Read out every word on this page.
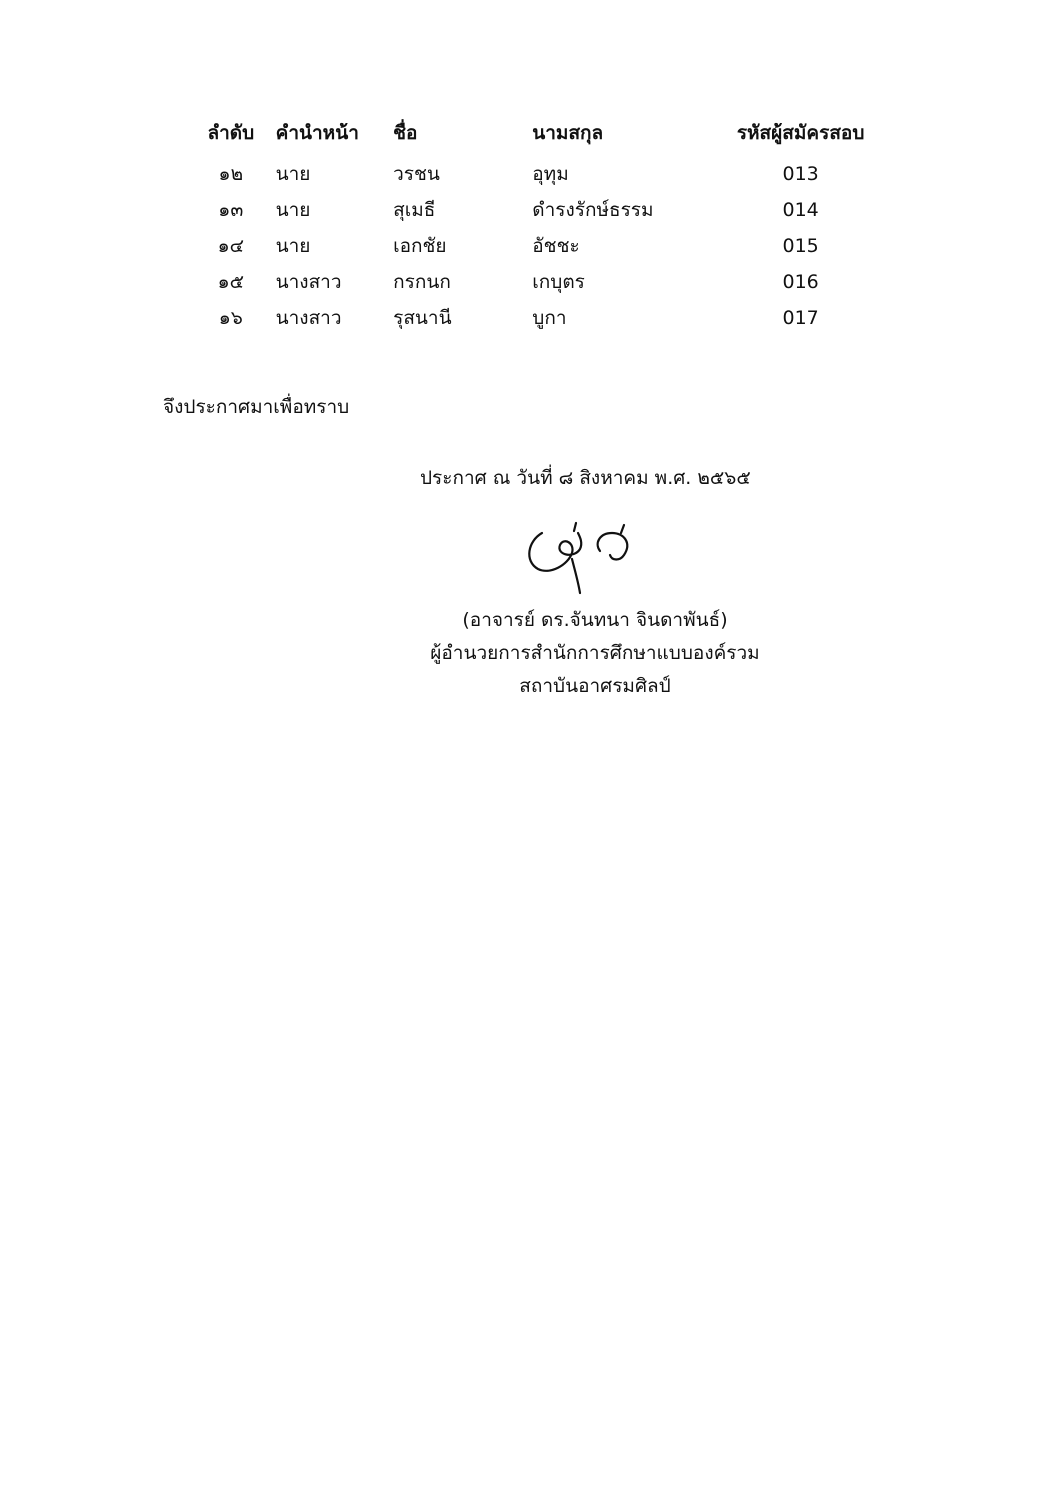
ลำดับ	คำนำหน้า	ชื่อ	นามสกุล	รหัสผู้สมัครสอบ
๑๒	นาย	วรชน	อุทุม	013
๑๓	นาย	สุเมธี	ดำรงรักษ์ธรรม	014
๑๔	นาย	เอกชัย	อัชชะ	015
๑๕	นางสาว	กรกนก	เกบุตร	016
๑๖	นางสาว	รุสนานี	บูกา	017
จึงประกาศมาเพื่อทราบ
ประกาศ ณ วันที่ ๘ สิงหาคม พ.ศ. ๒๕๖๕
(อาจารย์ ดร.จันทนา จินดาพันธ์)
ผู้อำนวยการสำนักการศึกษาแบบองค์รวม
สถาบันอาศรมศิลป์
